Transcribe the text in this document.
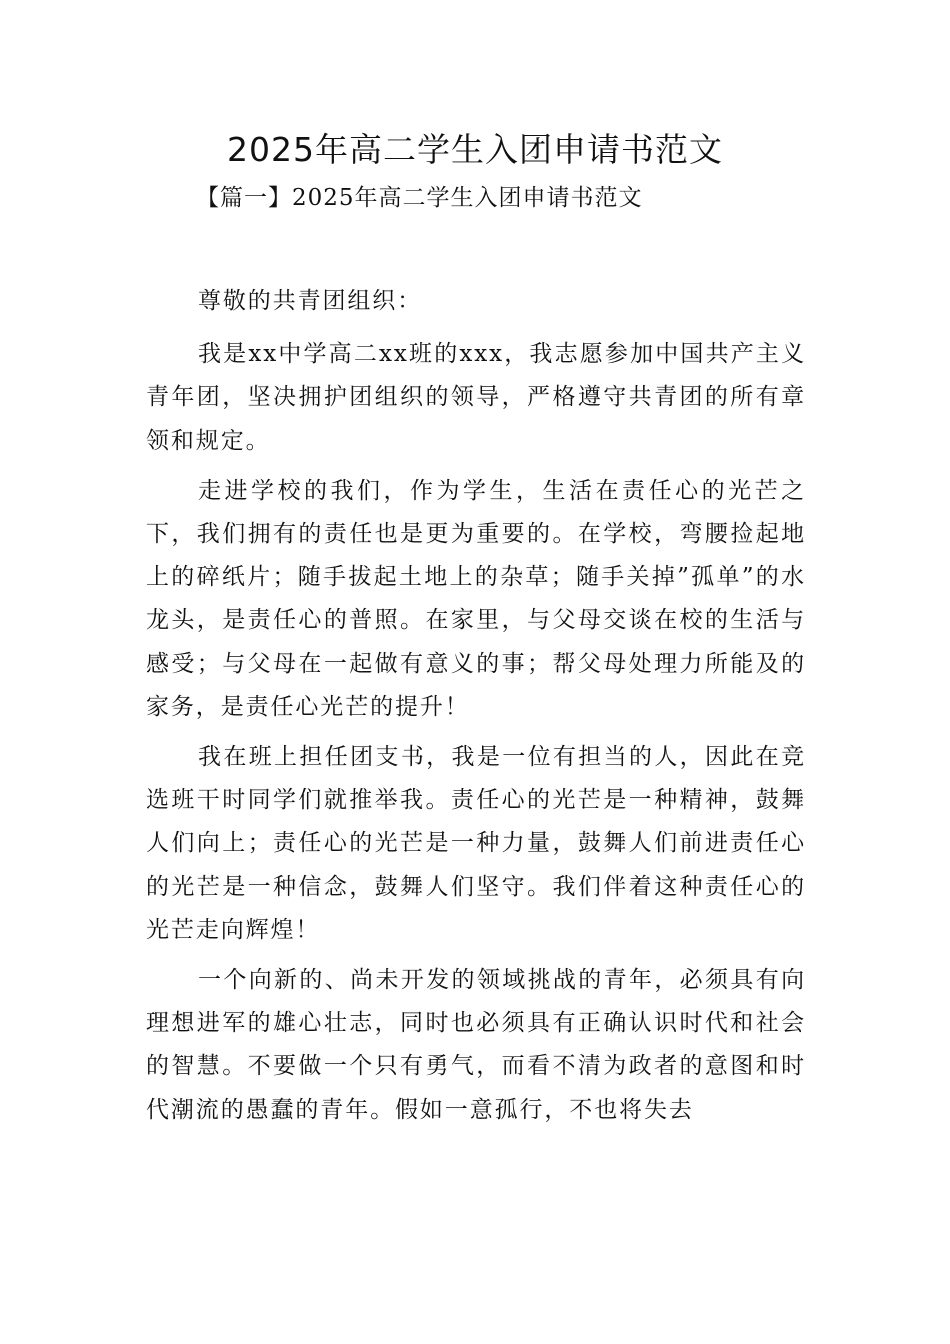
2025年高二学生入团申请书范文

【篇一】2025年高二学生入团申请书范文

尊敬的共青团组织：

我是xx中学高二xx班的xxx，我志愿参加中国共产主义青年团，坚决拥护团组织的领导，严格遵守共青团的所有章领和规定。

走进学校的我们，作为学生，生活在责任心的光芒之下，我们拥有的责任也是更为重要的。在学校，弯腰捡起地上的碎纸片；随手拔起土地上的杂草；随手关掉”孤单”的水龙头，是责任心的普照。在家里，与父母交谈在校的生活与感受；与父母在一起做有意义的事；帮父母处理力所能及的家务，是责任心光芒的提升！

我在班上担任团支书，我是一位有担当的人，因此在竞选班干时同学们就推举我。责任心的光芒是一种精神，鼓舞人们向上；责任心的光芒是一种力量，鼓舞人们前进责任心的光芒是一种信念，鼓舞人们坚守。我们伴着这种责任心的光芒走向辉煌！

一个向新的、尚未开发的领域挑战的青年，必须具有向理想进军的雄心壮志，同时也必须具有正确认识时代和社会的智慧。不要做一个只有勇气，而看不清为政者的意图和时代潮流的愚蠢的青年。假如一意孤行，不也将失去
